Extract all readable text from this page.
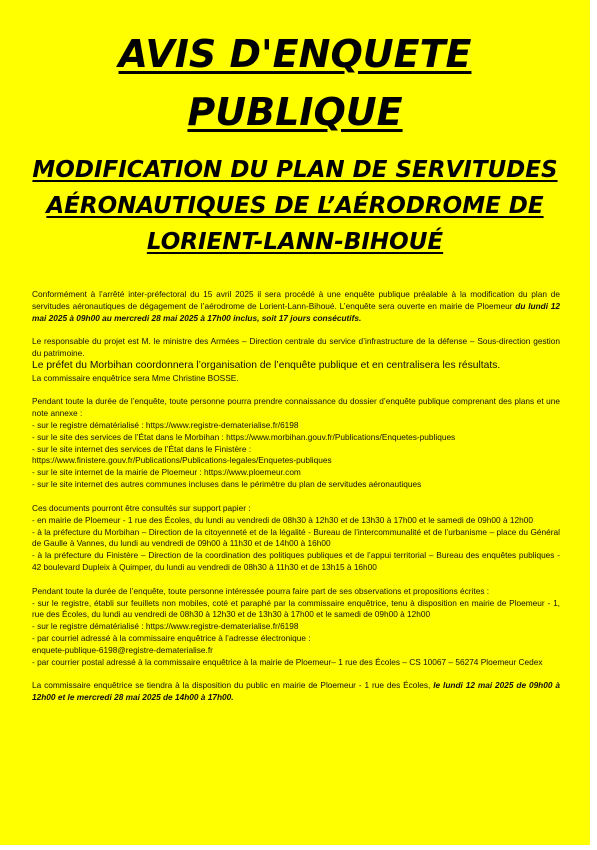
AVIS D'ENQUETE
PUBLIQUE
MODIFICATION DU PLAN DE SERVITUDES
AÉRONAUTIQUES DE L’AÉRODROME DE
LORIENT-LANN-BIHOUÉ

Conformément à l’arrêté inter-préfectoral du 15 avril 2025 il sera procédé à une enquête publique préalable à la modification du plan de servitudes aéronautiques de dégagement de l’aérodrome de Lorient-Lann-Bihoué. L’enquête sera ouverte en mairie de Ploemeur du lundi 12 mai 2025 à 09h00 au mercredi 28 mai 2025 à 17h00 inclus, soit 17 jours consécutifs.

Le responsable du projet est M. le ministre des Armées – Direction centrale du service d’infrastructure de la défense – Sous-direction gestion du patrimoine.

Le préfet du Morbihan coordonnera l’organisation de l’enquête publique et en centralisera les résultats.

La commissaire enquêtrice sera Mme Christine BOSSE.

Pendant toute la durée de l’enquête, toute personne pourra prendre connaissance du dossier d’enquête publique comprenant des plans et une note annexe :

- sur le registre dématérialisé : https://www.registre-dematerialise.fr/6198

- sur le site des services de l’État dans le Morbihan : https://www.morbihan.gouv.fr/Publications/Enquetes-publiques

- sur le site internet des services de l’État dans le Finistère :

https://www.finistere.gouv.fr/Publications/Publications-legales/Enquetes-publiques

- sur le site internet de la mairie de Ploemeur : https://www.ploemeur.com

- sur le site internet des autres communes incluses dans le périmètre du plan de servitudes aéronautiques

Ces documents pourront être consultés sur support papier :

- en mairie de Ploemeur - 1 rue des Écoles, du lundi au vendredi de 08h30 à 12h30 et de 13h30 à 17h00 et le samedi de 09h00 à 12h00

- à la préfecture du Morbihan – Direction de la citoyenneté et de la légalité - Bureau de l’intercommunalité et de l’urbanisme – place du Général de Gaulle à Vannes, du lundi au vendredi de 09h00 à 11h30 et de 14h00 à 16h00

- à la préfecture du Finistère – Direction de la coordination des politiques publiques et de l’appui territorial – Bureau des enquêtes publiques - 42 boulevard Dupleix à Quimper, du lundi au vendredi de 08h30 à 11h30 et de 13h15 à 16h00

Pendant toute la durée de l’enquête, toute personne intéressée pourra faire part de ses observations et propositions écrites :

- sur le registre, établi sur feuillets non mobiles, coté et paraphé par la commissaire enquêtrice, tenu à disposition en mairie de Ploemeur - 1, rue des Écoles, du lundi au vendredi de 08h30 à 12h30 et de 13h30 à 17h00 et le samedi de 09h00 à 12h00

- sur le registre dématérialisé : https://www.registre-dematerialise.fr/6198

- par courriel adressé à la commissaire enquêtrice à l’adresse électronique :

enquete-publique-6198@registre-dematerialise.fr

- par courrier postal adressé à la commissaire enquêtrice à la mairie de Ploemeur– 1 rue des Écoles – CS 10067 – 56274 Ploemeur Cedex

La commissaire enquêtrice se tiendra à la disposition du public en mairie de Ploemeur - 1 rue des Écoles, le lundi 12 mai 2025 de 09h00 à 12h00 et le mercredi 28 mai 2025 de 14h00 à 17h00.
